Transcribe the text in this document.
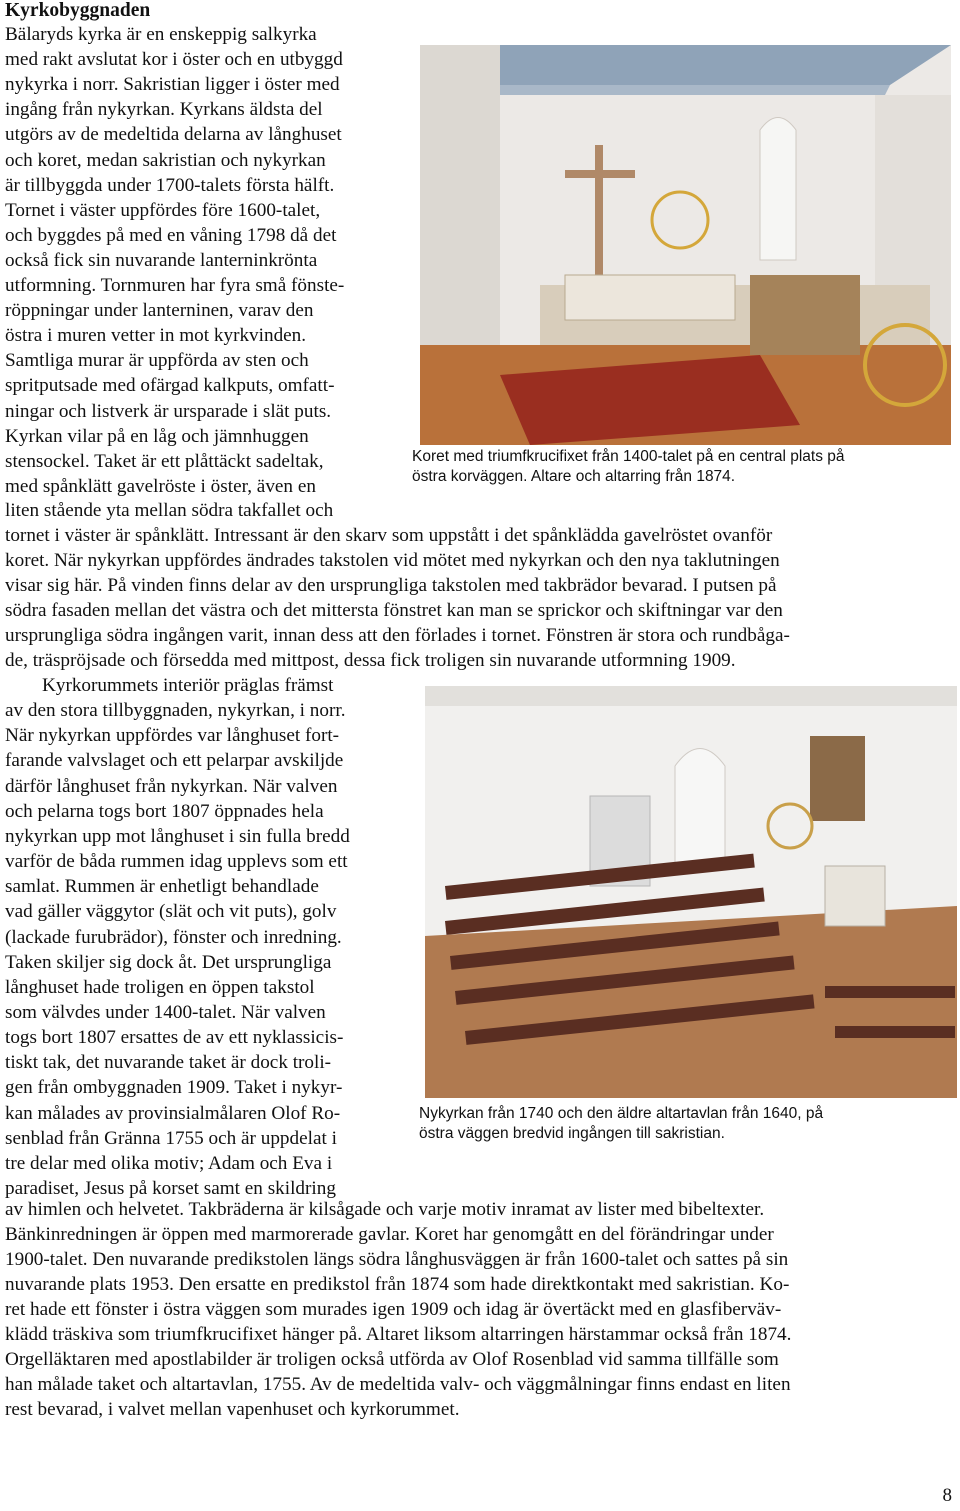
Kyrkobyggnaden
Bälaryds kyrka är en enskeppig salkyrka
med rakt avslutat kor i öster och en utbyggd
nykyrka i norr. Sakristian ligger i öster med
ingång från nykyrkan. Kyrkans äldsta del
utgörs av de medeltida delarna av långhuset
och koret, medan sakristian och nykyrkan
är tillbyggda under 1700-talets första hälft.
Tornet i väster uppfördes före 1600-talet,
och byggdes på med en våning 1798 då det
också fick sin nuvarande lanterninkrönta
utformning. Tornmuren har fyra små fönste-
röppningar under lanterninen, varav den
östra i muren vetter in mot kyrkvinden.
Samtliga murar är uppförda av sten och
spritputsade med ofärgad kalkputs, omfatt-
ningar och listverk är ursparade i slät puts.
Kyrkan vilar på en låg och jämnhuggen
stensockel. Taket är ett plåttäckt sadeltak,
med spånklätt gavelröste i öster, även en
liten stående yta mellan södra takfallet och
tornet i väster är spånklätt. Intressant är den skarv som uppstått i det spånklädda gavelröstet ovanför
koret. När nykyrkan uppfördes ändrades takstolen vid mötet med nykyrkan och den nya taklutningen
visar sig här. På vinden finns delar av den ursprungliga takstolen med takbrädor bevarad. I putsen på
södra fasaden mellan det västra och det mittersta fönstret kan man se sprickor och skiftningar var den
ursprungliga södra ingången varit, innan dess att den förlades i tornet. Fönstren är stora och rundbåga-
de, träspröjsade och försedda med mittpost, dessa fick troligen sin nuvarande utformning 1909.
Kyrkorummets interiör präglas främst
av den stora tillbyggnaden, nykyrkan, i norr.
När nykyrkan uppfördes var långhuset fort-
farande valvslaget och ett pelarpar avskiljde
därför långhuset från nykyrkan. När valven
och pelarna togs bort 1807 öppnades hela
nykyrkan upp mot långhuset i sin fulla bredd
varför de båda rummen idag upplevs som ett
samlat. Rummen är enhetligt behandlade
vad gäller väggytor (slät och vit puts), golv
(lackade furubrädor), fönster och inredning.
Taken skiljer sig dock åt. Det ursprungliga
långhuset hade troligen en öppen takstol
som välvdes under 1400-talet. När valven
togs bort 1807 ersattes de av ett nyklassicis-
tiskt tak, det nuvarande taket är dock troli-
gen från ombyggnaden 1909. Taket i nykyr-
kan målades av provinsialmålaren Olof Ro-
senblad från Gränna 1755 och är uppdelat i
tre delar med olika motiv; Adam och Eva i
paradiset, Jesus på korset samt en skildring
av himlen och helvetet. Takbräderna är kilsågade och varje motiv inramat av lister med bibeltexter.
Bänkinredningen är öppen med marmorerade gavlar. Koret har genomgått en del förändringar under
1900-talet. Den nuvarande predikstolen längs södra långhusväggen är från 1600-talet och sattes på sin
nuvarande plats 1953. Den ersatte en predikstol från 1874 som hade direktkontakt med sakristian. Ko-
ret hade ett fönster i östra väggen som murades igen 1909 och idag är övertäckt med en glasfiberväv-
klädd träskiva som triumfkrucifixet hänger på. Altaret liksom altarringen härstammar också från 1874.
Orgelläktaren med apostlabilder är troligen också utförda av Olof Rosenblad vid samma tillfälle som
han målade taket och altartavlan, 1755. Av de medeltida valv- och väggmålningar finns endast en liten
rest bevarad, i valvet mellan vapenhuset och kyrkorummet.
Koret med triumfkrucifixet från 1400-talet på en central plats på
östra korväggen. Altare och altarring från 1874.
Nykyrkan från 1740 och den äldre altartavlan från 1640, på
östra väggen bredvid ingången till sakristian.
8
